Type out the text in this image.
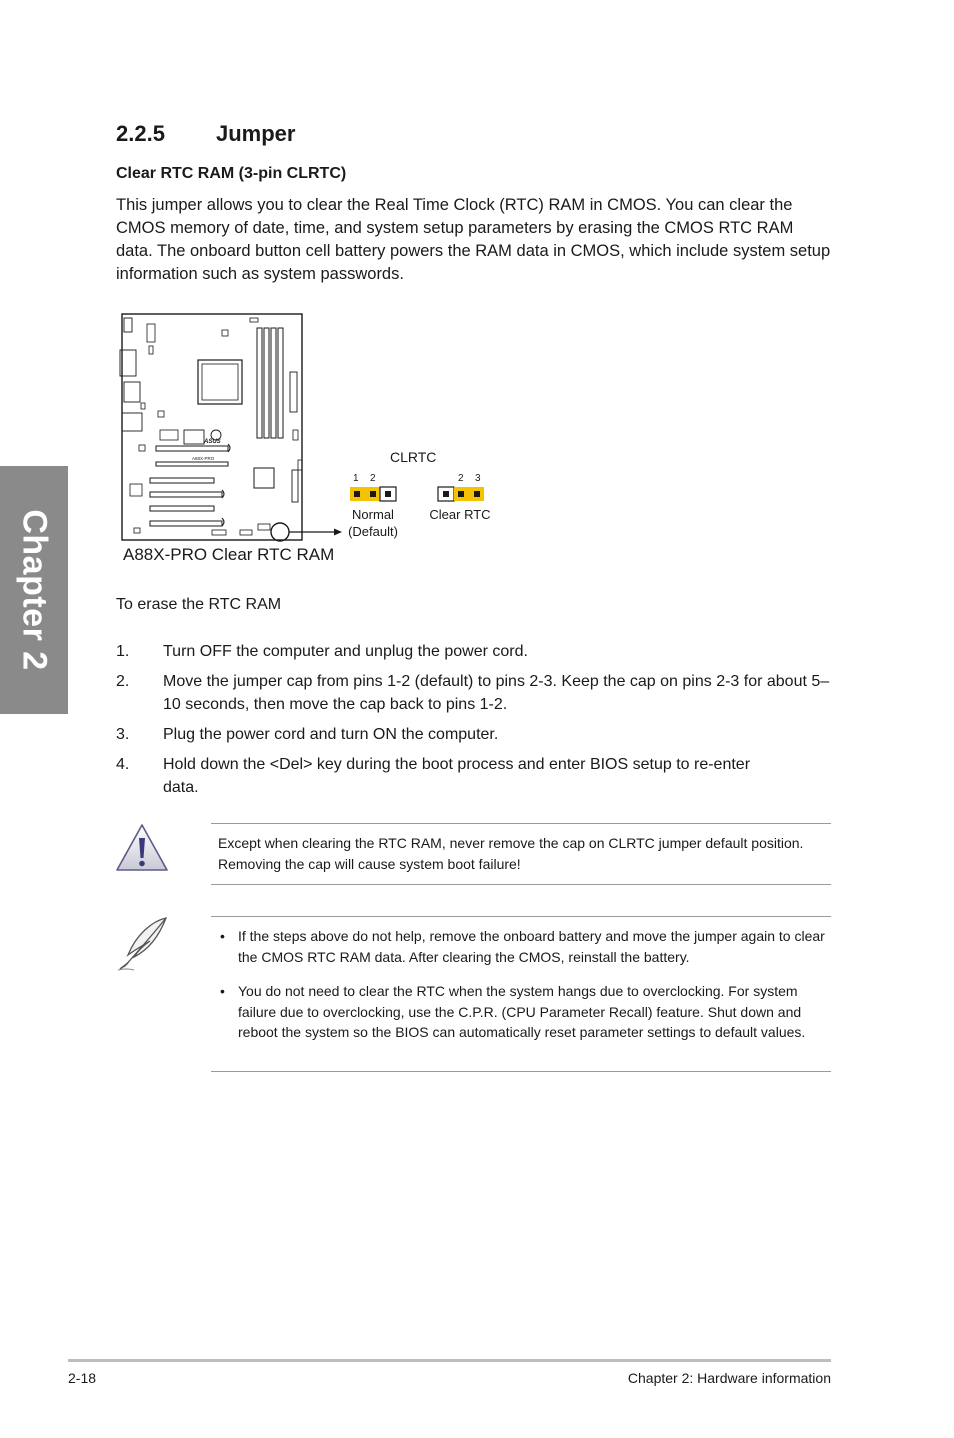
Chapter 2
2.2.5 Jumper
Clear RTC RAM (3-pin CLRTC)

This jumper allows you to clear the Real Time Clock (RTC) RAM in CMOS. You can clear the CMOS memory of date, time, and system setup parameters by erasing the CMOS RTC RAM data. The onboard button cell battery powers the RAM data in CMOS, which include system setup information such as system passwords.

ASUS
A88X-PRO	CLRTC
1 2
Normal
(Default)
2 3
Clear RTC
A88X-PRO Clear RTC RAM

To erase the RTC RAM

1. Turn OFF the computer and unplug the power cord.
2. Move the jumper cap from pins 1-2 (default) to pins 2-3. Keep the cap on pins 2-3 for about 5–10 seconds, then move the cap back to pins 1-2.
3. Plug the power cord and turn ON the computer.
4. Hold down the <Del> key during the boot process and enter BIOS setup to re-enter data.

Except when clearing the RTC RAM, never remove the cap on CLRTC jumper default position. Removing the cap will cause system boot failure!

• If the steps above do not help, remove the onboard battery and move the jumper again to clear the CMOS RTC RAM data. After clearing the CMOS, reinstall the battery.
• You do not need to clear the RTC when the system hangs due to overclocking. For system failure due to overclocking, use the C.P.R. (CPU Parameter Recall) feature. Shut down and reboot the system so the BIOS can automatically reset parameter settings to default values.
2-18	Chapter 2: Hardware information
